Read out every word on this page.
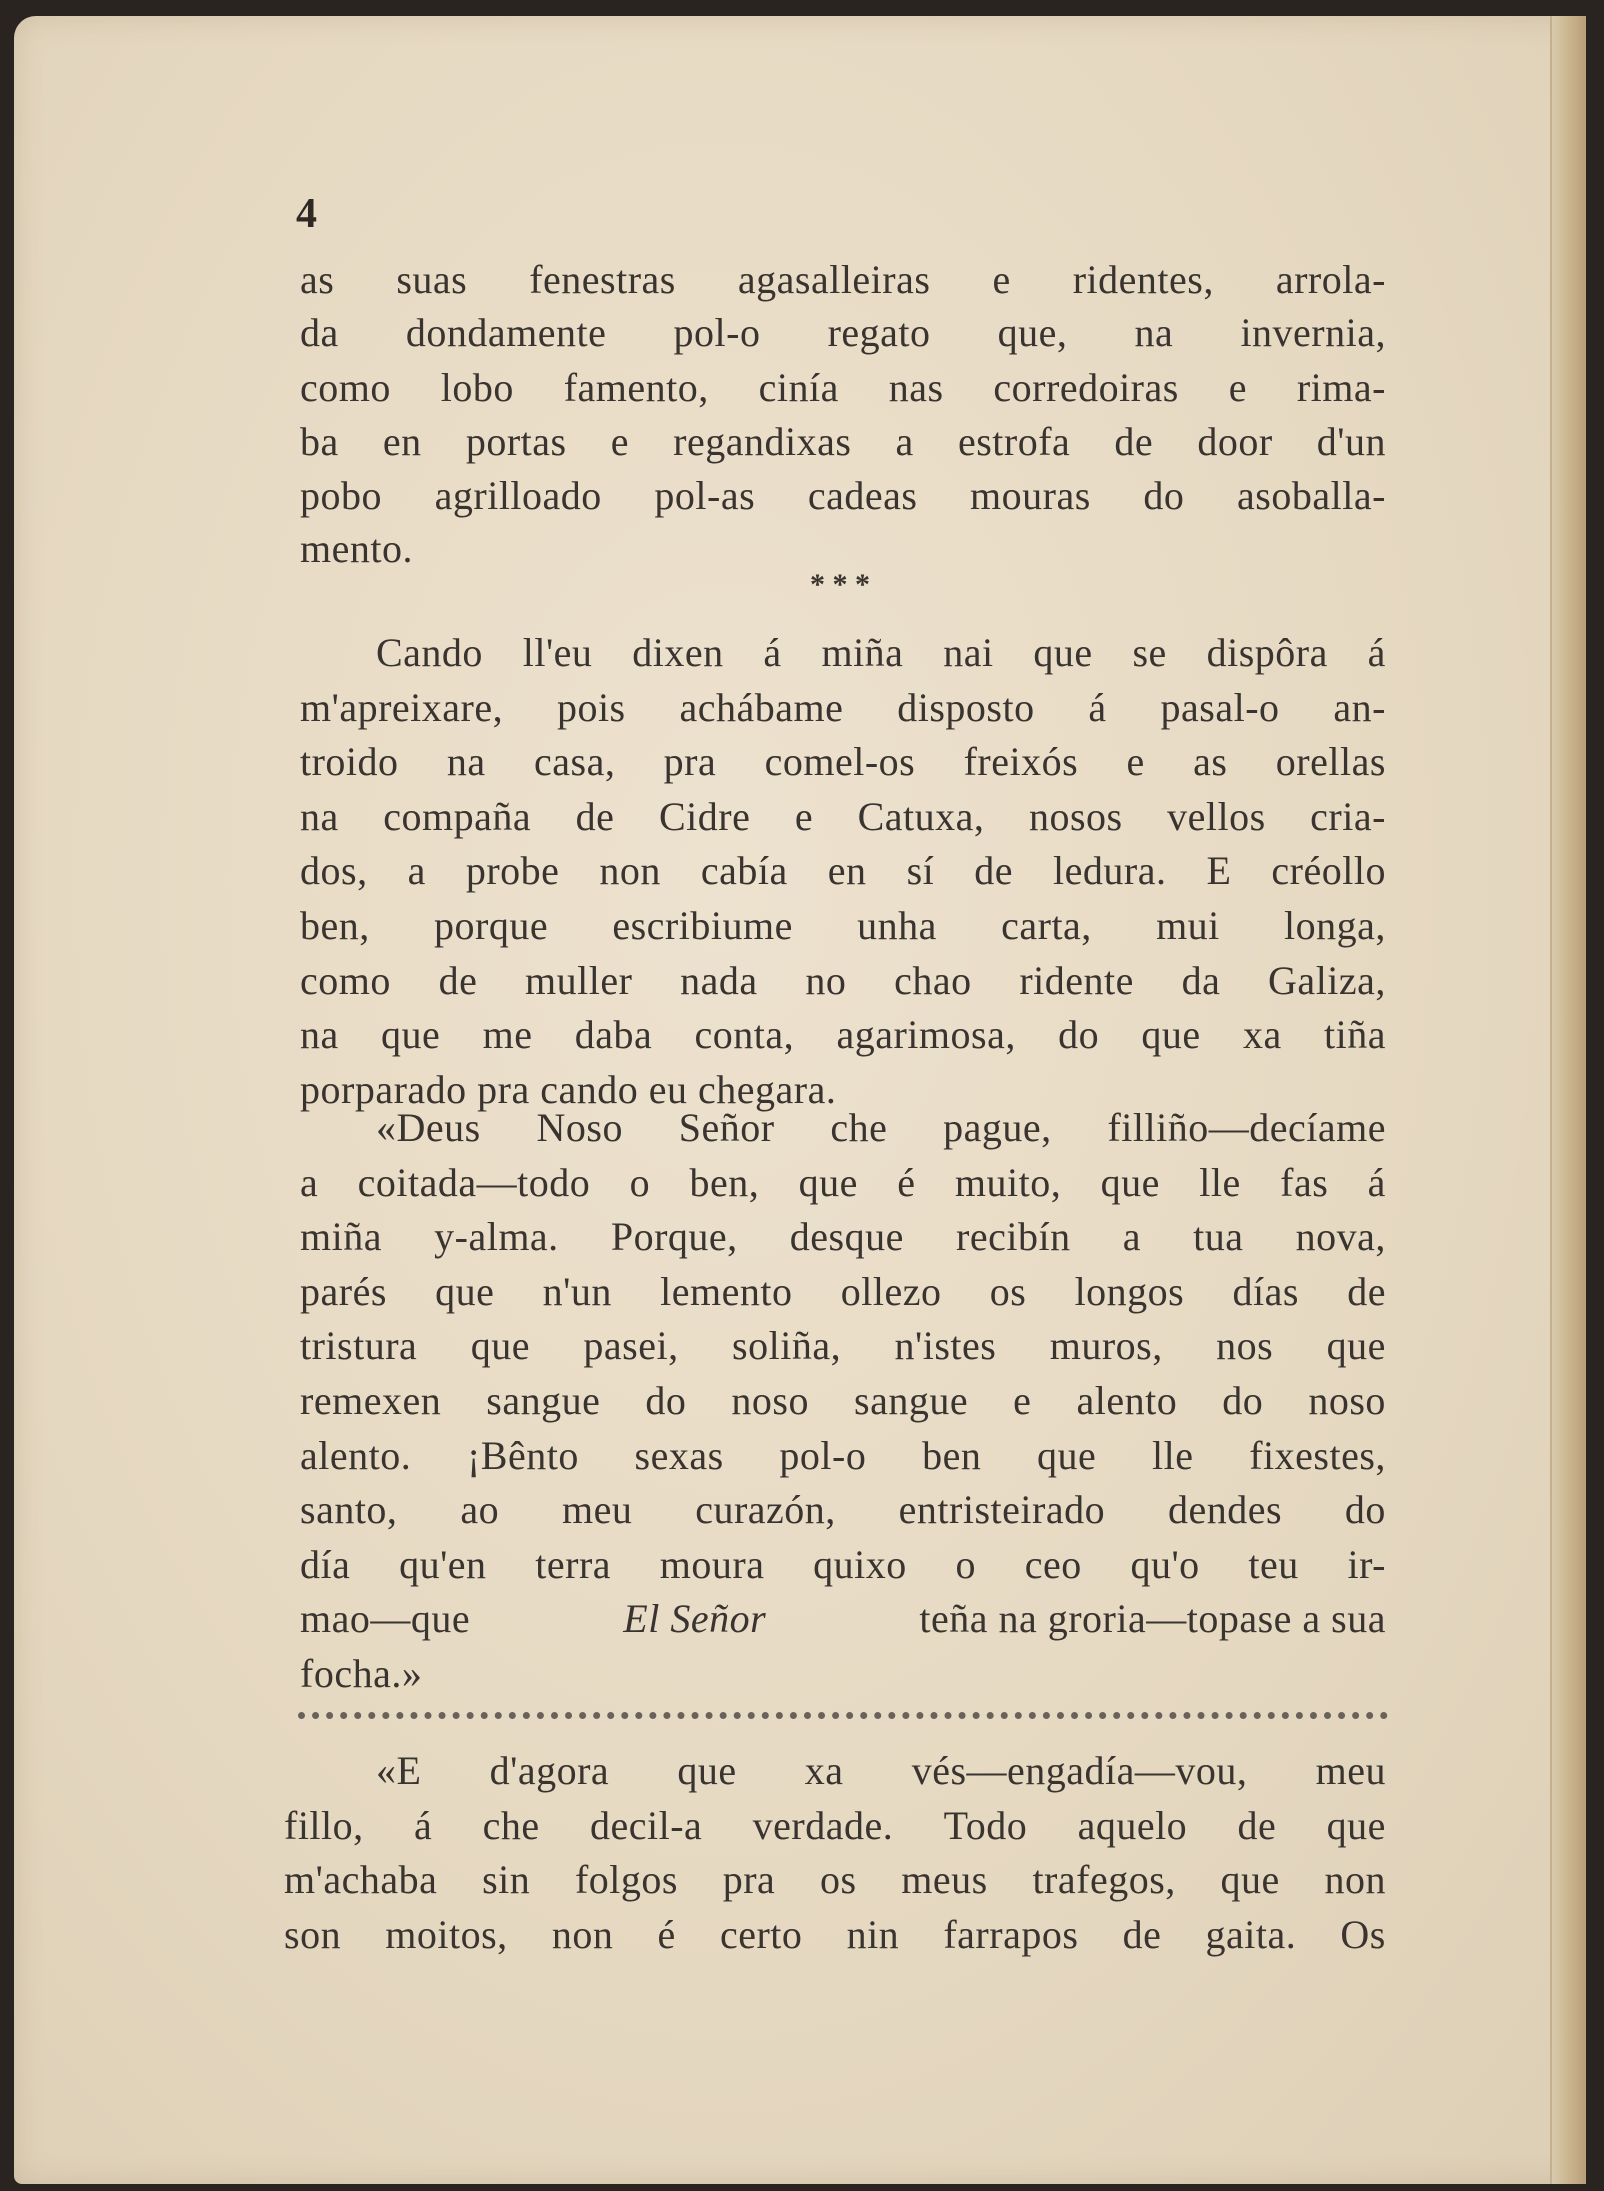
4
as suas fenestras agasalleiras e ridentes, arrola-
da dondamente pol-o regato que, na invernia,
como lobo famento, cinía nas corredoiras e rima-
ba en portas e regandixas a estrofa de door d'un
pobo agrilloado pol-as cadeas mouras do asoballa-
mento.
Cando ll'eu dixen á miña nai que se dispôra á
m'apreixare, pois achábame disposto á pasal-o an-
troido na casa, pra comel-os freixós e as orellas
na compaña de Cidre e Catuxa, nosos vellos cria-
dos, a probe non cabía en sí de ledura. E créollo
ben, porque escribiume unha carta, mui longa,
como de muller nada no chao ridente da Galiza,
na que me daba conta, agarimosa, do que xa tiña
porparado pra cando eu chegara.
«Deus Noso Señor che pague, filliño—decíame
a coitada—todo o ben, que é muito, que lle fas á
miña y-alma. Porque, desque recibín a tua nova,
parés que n'un lemento ollezo os longos días de
tristura que pasei, soliña, n'istes muros, nos que
remexen sangue do noso sangue e alento do noso
alento. ¡Bênto sexas pol-o ben que lle fixestes,
santo, ao meu curazón, entristeirado dendes do
día qu'en terra moura quixo o ceo qu'o teu ir-
mao—que	El Señor	teña na groria—topase a sua
focha.»
«E d'agora que xa vés—engadía—vou, meu
fillo, á che decil-a verdade. Todo aquelo de que
m'achaba sin folgos pra os meus trafegos, que non
son moitos, non é certo nin farrapos de gaita. Os
* * *
